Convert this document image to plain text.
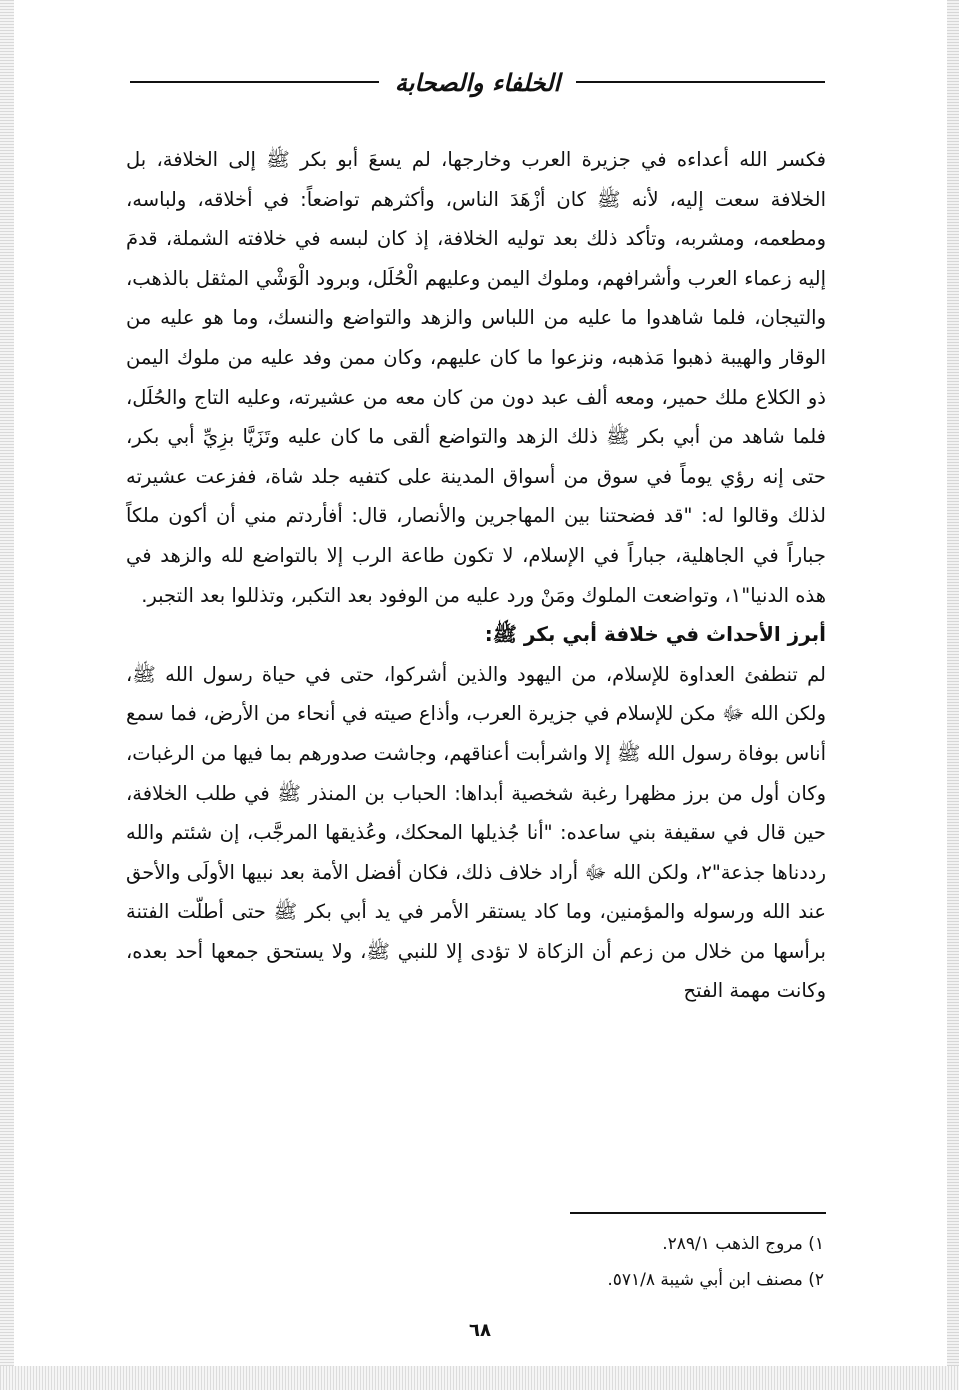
الخلفاء والصحابة

فكسر الله أعداءه في جزيرة العرب وخارجها، لم يسعَ أبو بكر ﷺ إلى الخلافة، بل الخلافة سعت إليه، لأنه ﷺ كان أزْهَدَ الناس، وأكثرهم تواضعاً: في أخلاقه، ولباسه، ومطعمه، ومشربه، وتأكد ذلك بعد توليه الخلافة، إذ كان لبسه في خلافته الشملة، قدمَ إليه زعماء العرب وأشرافهم، وملوك اليمن وعليهم الْحُلَل، وبرود الْوَشْي المثقل بالذهب، والتيجان، فلما شاهدوا ما عليه من اللباس والزهد والتواضع والنسك، وما هو عليه من الوقار والهيبة ذهبوا مَذهبه، ونزعوا ما كان عليهم، وكان ممن وفد عليه من ملوك اليمن ذو الكلاع ملك حمير، ومعه ألف عبد دون من كان معه من عشيرته، وعليه التاج والحُلَل، فلما شاهد من أبي بكر ﷺ ذلك الزهد والتواضع ألقى ما كان عليه وتَزَيَّا بزِيِّ أبي بكر، حتى إنه رؤي يوماً في سوق من أسواق المدينة على كتفيه جلد شاة، ففزعت عشيرته لذلك وقالوا له: "قد فضحتنا بين المهاجرين والأنصار، قال: أفأردتم مني أن أكون ملكاً جباراً في الجاهلية، جباراً في الإسلام، لا تكون طاعة الرب إلا بالتواضع لله والزهد في هذه الدنيا"١، وتواضعت الملوك ومَنْ ورد عليه من الوفود بعد التكبر، وتذللوا بعد التجبر.

أبرز الأحداث في خلافة أبي بكر ﷺ:

لم تنطفئ العداوة للإسلام، من اليهود والذين أشركوا، حتى في حياة رسول الله ﷺ، ولكن الله ﷻ مكن للإسلام في جزيرة العرب، وأذاع صيته في أنحاء من الأرض، فما سمع أناس بوفاة رسول الله ﷺ إلا واشرأبت أعناقهم، وجاشت صدورهم بما فيها من الرغبات، وكان أول من برز مظهرا رغبة شخصية أبداها: الحباب بن المنذر ﷺ في طلب الخلافة، حين قال في سقيفة بني ساعده: "أنا جُذيلها المحكك، وعُذيقها المرجَّب، إن شئتم والله رددناها جذعة"٢، ولكن الله ﷻ أراد خلاف ذلك، فكان أفضل الأمة بعد نبيها الأولَى والأحق عند الله ورسوله والمؤمنين، وما كاد يستقر الأمر في يد أبي بكر ﷺ حتى أطلّت الفتنة برأسها من خلال من زعم أن الزكاة لا تؤدى إلا للنبي ﷺ، ولا يستحق جمعها أحد بعده، وكانت مهمة الفتح

١) مروج الذهب ٢٨٩/١.
٢) مصنف ابن أبي شيبة ٥٧١/٨.
٦٨
